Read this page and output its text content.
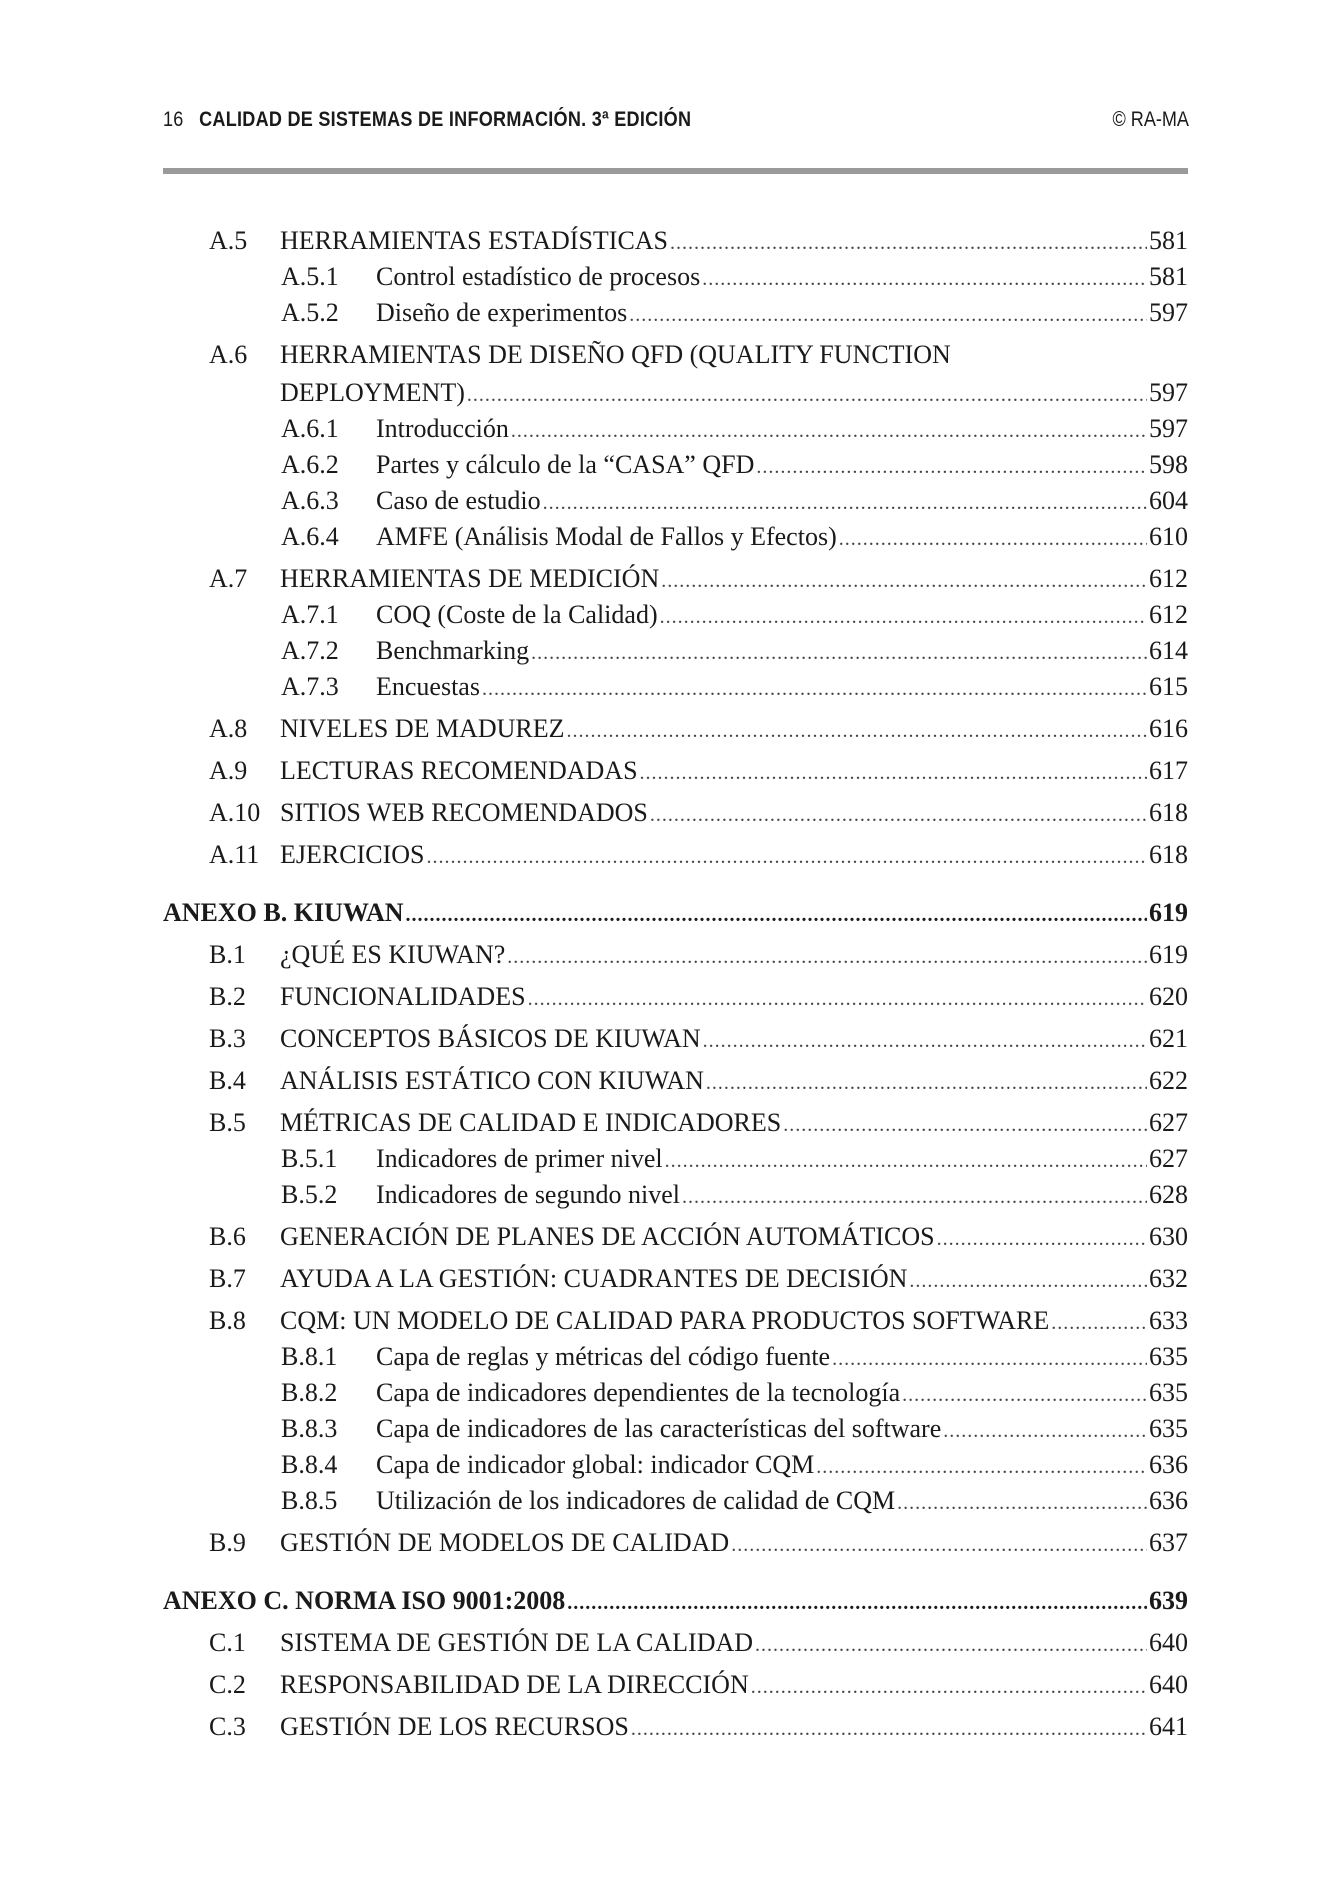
16 CALIDAD DE SISTEMAS DE INFORMACIÓN. 3ª EDICIÓN	© RA-MA
A.5	HERRAMIENTAS ESTADÍSTICAS .....	581
A.5.1	Control estadístico de procesos .....	581
A.5.2	Diseño de experimentos .....	597
A.6 HERRAMIENTAS DE DISEÑO QFD (QUALITY FUNCTION
DEPLOYMENT) .....	597
A.6.1	Introducción .....	597
A.6.2	Partes y cálculo de la “CASA” QFD .....	598
A.6.3	Caso de estudio .....	604
A.6.4	AMFE (Análisis Modal de Fallos y Efectos) .....	610
A.7	HERRAMIENTAS DE MEDICIÓN .....	612
A.7.1	COQ (Coste de la Calidad) .....	612
A.7.2	Benchmarking .....	614
A.7.3	Encuestas .....	615
A.8	NIVELES DE MADUREZ .....	616
A.9	LECTURAS RECOMENDADAS .....	617
A.10 SITIOS WEB RECOMENDADOS .....	618
A.11 EJERCICIOS .....	618
ANEXO B. KIUWAN .....	619
B.1	¿QUÉ ES KIUWAN? .....	619
B.2	FUNCIONALIDADES .....	620
B.3	CONCEPTOS BÁSICOS DE KIUWAN .....	621
B.4	ANÁLISIS ESTÁTICO CON KIUWAN .....	622
B.5	MÉTRICAS DE CALIDAD E INDICADORES .....	627
B.5.1	Indicadores de primer nivel .....	627
B.5.2	Indicadores de segundo nivel .....	628
B.6	GENERACIÓN DE PLANES DE ACCIÓN AUTOMÁTICOS .....	630
B.7	AYUDA A LA GESTIÓN: CUADRANTES DE DECISIÓN .....	632
B.8	CQM: UN MODELO DE CALIDAD PARA PRODUCTOS SOFTWARE .....	633
B.8.1	Capa de reglas y métricas del código fuente .....	635
B.8.2	Capa de indicadores dependientes de la tecnología .....	635
B.8.3	Capa de indicadores de las características del software .....	635
B.8.4	Capa de indicador global: indicador CQM .....	636
B.8.5	Utilización de los indicadores de calidad de CQM .....	636
B.9	GESTIÓN DE MODELOS DE CALIDAD .....	637
ANEXO C. NORMA ISO 9001:2008 .....	639
C.1	SISTEMA DE GESTIÓN DE LA CALIDAD .....	640
C.2	RESPONSABILIDAD DE LA DIRECCIÓN .....	640
C.3	GESTIÓN DE LOS RECURSOS .....	641
